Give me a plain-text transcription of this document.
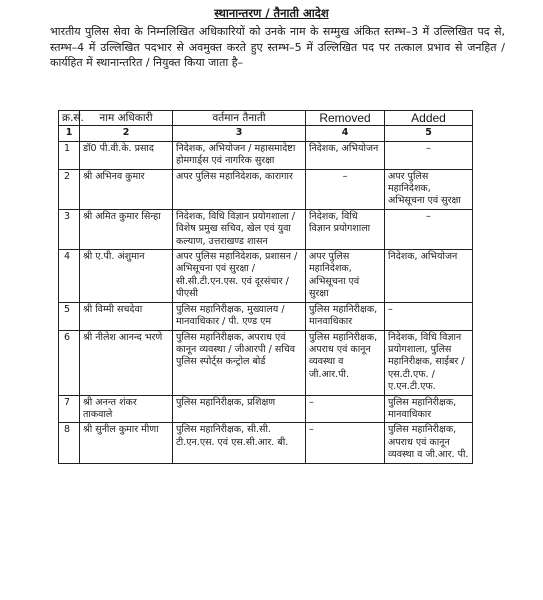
स्थानान्तरण / तैनाती आदेश
भारतीय पुलिस सेवा के निम्नलिखित अधिकारियों को उनके नाम के सम्मुख अंकित स्तम्भ–3 में उल्लिखित पद से, स्तम्भ–4 में उल्लिखित पदभार से अवमुक्त करते हुए स्तम्भ–5 में उल्लिखित पद पर तत्काल प्रभाव से जनहित / कार्यहित में स्थानान्तरित / नियुक्त किया जाता है–
क्र.सं.	नाम अधिकारी	वर्तमान तैनाती	Removed	Added
1	2	3	4	5
1	डॉ0 पी.वी.के. प्रसाद	निदेशक, अभियोजन / महासमादेष्टा होमगार्ड्स एवं नागरिक सुरक्षा	निदेशक, अभियोजन	–
2	श्री अभिनव कुमार	अपर पुलिस महानिदेशक, कारागार	–	अपर पुलिस महानिदेशक, अभिसूचना एवं सुरक्षा
3	श्री अमित कुमार सिन्हा	निदेशक, विधि विज्ञान प्रयोगशाला / विशेष प्रमुख सचिव, खेल एवं युवा कल्याण, उत्तराखण्ड शासन	निदेशक, विधि विज्ञान प्रयोगशाला	–
4	श्री ए.पी. अंशुमान	अपर पुलिस महानिदेशक, प्रशासन / अभिसूचना एवं सुरक्षा / सी.सी.टी.एन.एस. एवं दूरसंचार / पीएसी	अपर पुलिस महानिदेशक, अभिसूचना एवं सुरक्षा	निदेशक, अभियोजन
5	श्री विम्मी सचदेवा	पुलिस महानिरीक्षक, मुख्यालय / मानवाधिकार / पी. एण्ड एम	पुलिस महानिरीक्षक, मानवाधिकार	–
6	श्री नीलेश आनन्द भरणे	पुलिस महानिरीक्षक, अपराध एवं कानून व्यवस्था / जीआरपी / सचिव पुलिस स्पोर्ट्स कन्ट्रोल बोर्ड	पुलिस महानिरीक्षक, अपराध एवं कानून व्यवस्था व जी.आर.पी.	निदेशक, विधि विज्ञान प्रयोगशाला, पुलिस महानिरीक्षक, साईबर / एस.टी.एफ. / ए.एन.टी.एफ.
7	श्री अनन्त शंकर ताकवाले	पुलिस महानिरीक्षक, प्रशिक्षण	–	पुलिस महानिरीक्षक, मानवाधिकार
8	श्री सुनील कुमार मीणा	पुलिस महानिरीक्षक, सी.सी. टी.एन.एस. एवं एस.सी.आर. बी.	–	पुलिस महानिरीक्षक, अपराध एवं कानून व्यवस्था व जी.आर. पी.
